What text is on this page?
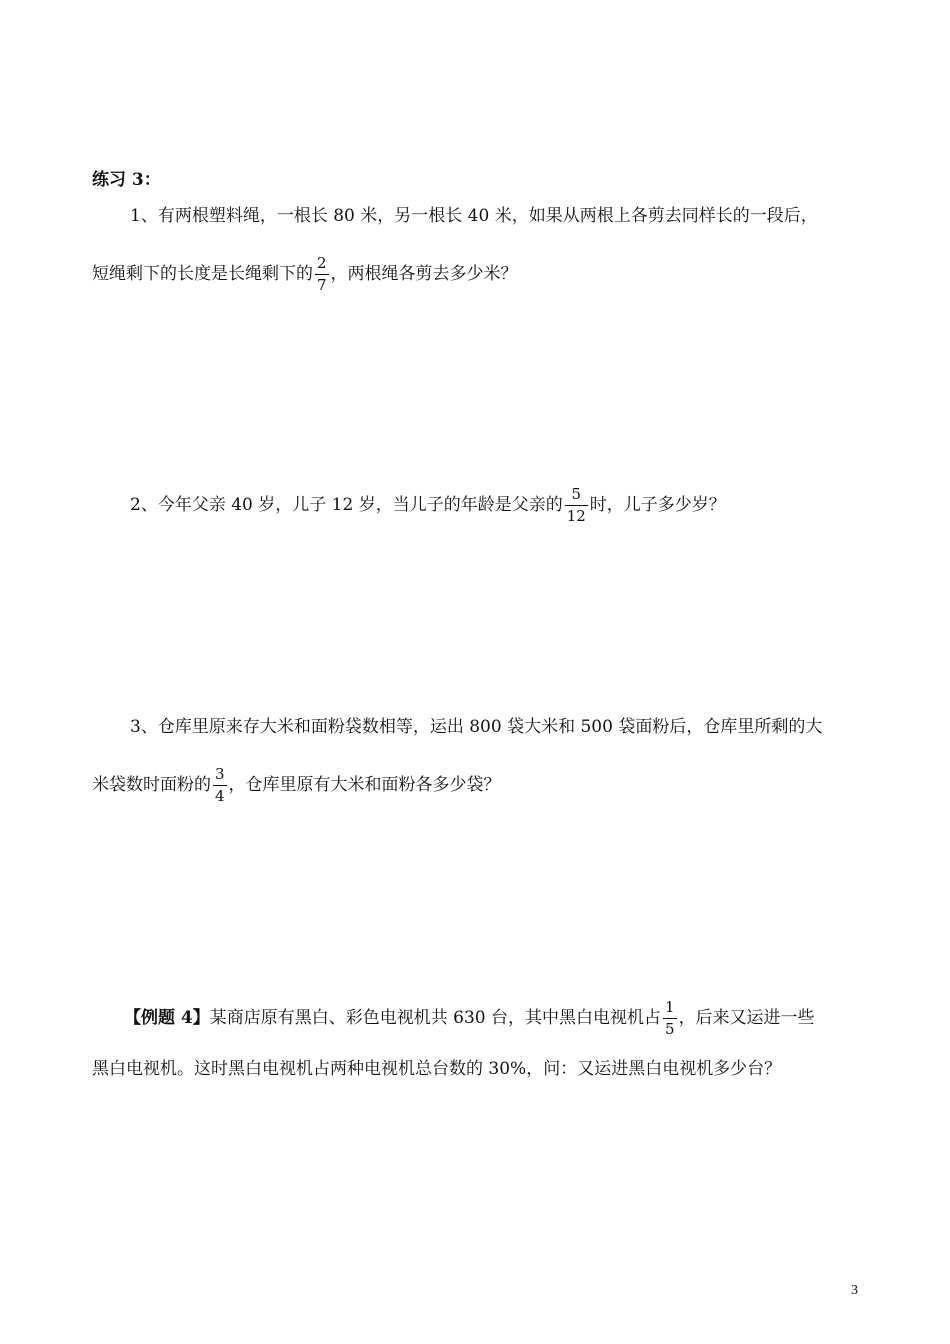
练习 3：
1、有两根塑料绳，一根长 80 米，另一根长 40 米，如果从两根上各剪去同样长的一段后，
短绳剩下的长度是长绳剩下的 $\frac{2}{7}$ ，两根绳各剪去多少米？
2、今年父亲 40 岁，儿子 12 岁，当儿子的年龄是父亲的 $\frac{5}{12}$ 时，儿子多少岁？
3、仓库里原来存大米和面粉袋数相等，运出 800 袋大米和 500 袋面粉后，仓库里所剩的大
米袋数时面粉的 $\frac{3}{4}$ ，仓库里原有大米和面粉各多少袋？
【例题 4】某商店原有黑白、彩色电视机共 630 台，其中黑白电视机占 $\frac{1}{5}$ ，后来又运进一些
黑白电视机。这时黑白电视机占两种电视机总台数的 30%，问：又运进黑白电视机多少台？
3
